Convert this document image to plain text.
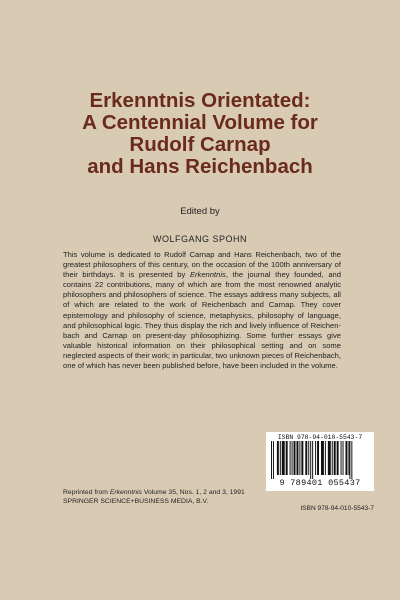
Erkenntnis Orientated:
A Centennial Volume for
Rudolf Carnap
and Hans Reichenbach
Edited by
WOLFGANG SPOHN
This volume is dedicated to Rudolf Carnap and Hans Reichenbach, two of the greatest philosophers of this century, on the occasion of the 100th anniversary of their birthdays. It is presented by Erkenntnis, the journal they founded, and contains 22 contributions, many of which are from the most renowned analytic philosophers and philosophers of science. The essays address many subjects, all of which are related to the work of Reichenbach and Carnap. They cover epistemology and philosophy of science, metaphysics, philosophy of language, and philosophical logic. They thus display the rich and lively influence of Reichenbach and Carnap on present-day philosophizing. Some further essays give valuable historical information on their philosophical setting and on some neglected aspects of their work; in particular, two unknown pieces of Reichenbach, one of which has never been published before, have been included in the volume.
ISBN 978-94-010-5543-7
9 789401 055437
ISBN 978-94-010-5543-7
Reprinted from Erkenntnis Volume 35, Nos. 1, 2 and 3, 1991
SPRINGER SCIENCE+BUSINESS MEDIA, B.V.
